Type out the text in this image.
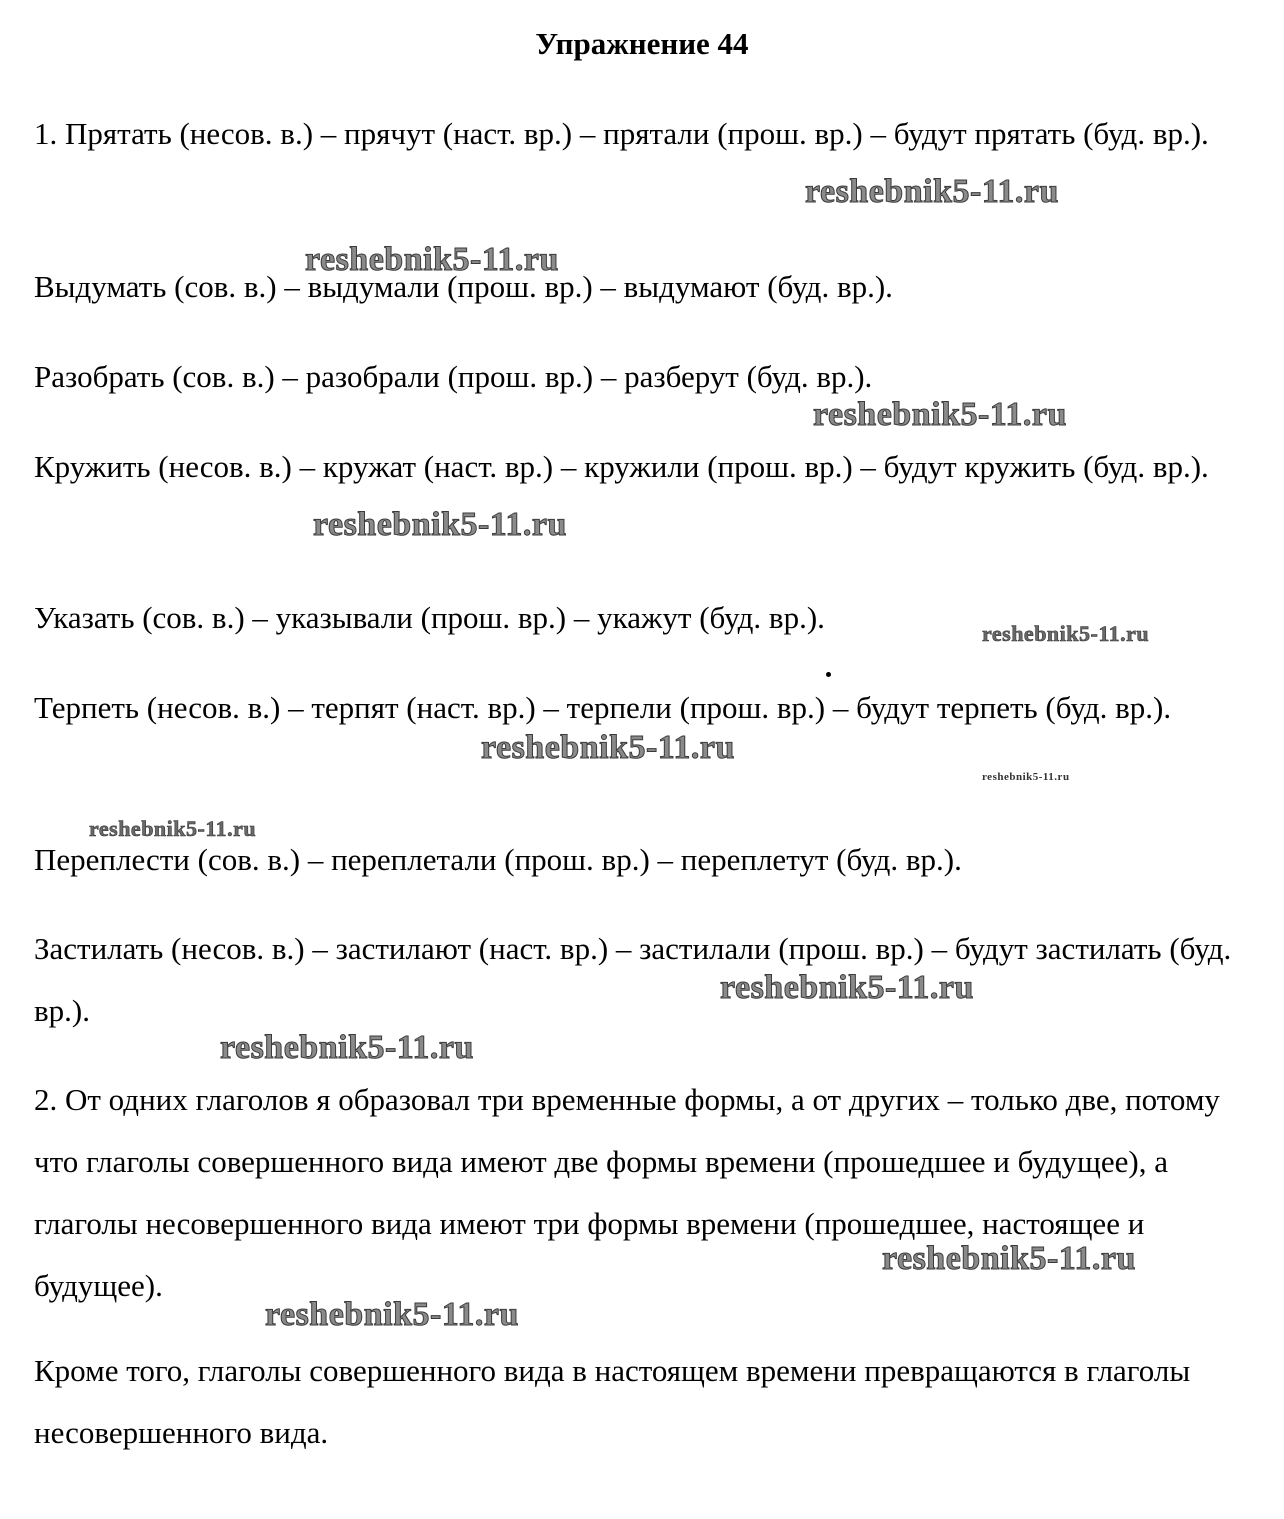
Упражнение 44

1. Прятать (несов. в.) – прячут (наст. вр.) – прятали (прош. вр.) – будут прятать (буд. вр.).

Выдумать (сов. в.) – выдумали (прош. вр.) – выдумают (буд. вр.).

Разобрать (сов. в.) – разобрали (прош. вр.) – разберут (буд. вр.).

Кружить (несов. в.) – кружат (наст. вр.) – кружили (прош. вр.) – будут кружить (буд. вр.).

Указать (сов. в.) – указывали (прош. вр.) – укажут (буд. вр.).

Терпеть (несов. в.) – терпят (наст. вр.) – терпели (прош. вр.) – будут терпеть (буд. вр.).

Переплести (сов. в.) – переплетали (прош. вр.) – переплетут (буд. вр.).

Застилать (несов. в.) – застилают (наст. вр.) – застилали (прош. вр.) – будут застилать (буд. вр.).

2. От одних глаголов я образовал три временные формы, а от других – только две, потому что глаголы совершенного вида имеют две формы времени (прошедшее и будущее), а глаголы несовершенного вида имеют три формы времени (прошедшее, настоящее и будущее).

Кроме того, глаголы совершенного вида в настоящем времени превращаются в глаголы несовершенного вида.

reshebnik5-11.ru
reshebnik5-11.ru
reshebnik5-11.ru
reshebnik5-11.ru
reshebnik5-11.ru
reshebnik5-11.ru
reshebnik5-11.ru
reshebnik5-11.ru
reshebnik5-11.ru
reshebnik5-11.ru
reshebnik5-11.ru
reshebnik5-11.ru
